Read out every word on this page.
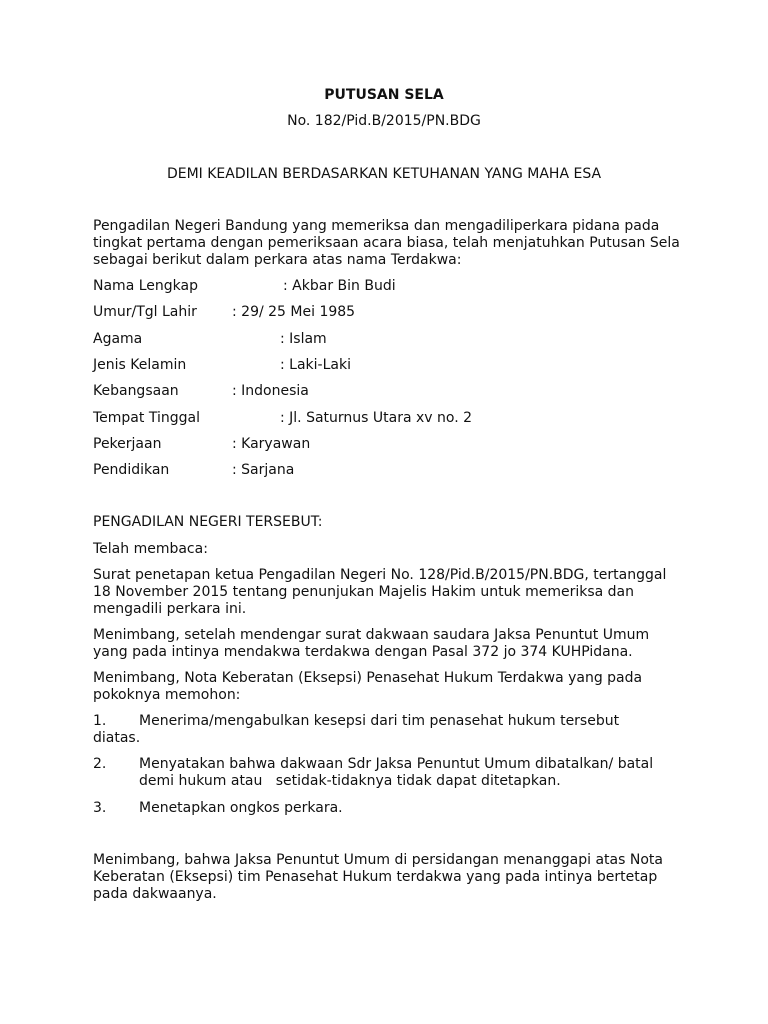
PUTUSAN SELA
No. 182/Pid.B/2015/PN.BDG
DEMI KEADILAN BERDASARKAN KETUHANAN YANG MAHA ESA

Pengadilan Negeri Bandung yang memeriksa dan mengadiliperkara pidana pada tingkat pertama dengan pemeriksaan acara biasa, telah menjatuhkan Putusan Sela sebagai berikut dalam perkara atas nama Terdakwa:

Nama Lengkap	: Akbar Bin Budi
Umur/Tgl Lahir	: 29/ 25 Mei 1985
Agama	: Islam
Jenis Kelamin	: Laki-Laki
Kebangsaan	: Indonesia
Tempat Tinggal	: Jl. Saturnus Utara xv no. 2
Pekerjaan	: Karyawan
Pendidikan	: Sarjana
PENGADILAN NEGERI TERSEBUT:
Telah membaca:

Surat penetapan ketua Pengadilan Negeri No. 128/Pid.B/2015/PN.BDG, tertanggal 18 November 2015 tentang penunjukan Majelis Hakim untuk memeriksa dan mengadili perkara ini.

Menimbang, setelah mendengar surat dakwaan saudara Jaksa Penuntut Umum yang pada intinya mendakwa terdakwa dengan Pasal 372 jo 374 KUHPidana.

Menimbang, Nota Keberatan (Eksepsi) Penasehat Hukum Terdakwa yang pada pokoknya memohon:

1. Menerima/mengabulkan kesepsi dari tim penasehat hukum tersebut
diatas.
2. Menyatakan bahwa dakwaan Sdr Jaksa Penuntut Umum dibatalkan/ batal
demi hukum atau   setidak-tidaknya tidak dapat ditetapkan.
3. Menetapkan ongkos perkara.

Menimbang, bahwa Jaksa Penuntut Umum di persidangan menanggapi atas Nota Keberatan (Eksepsi) tim Penasehat Hukum terdakwa yang pada intinya bertetap pada dakwaanya.
